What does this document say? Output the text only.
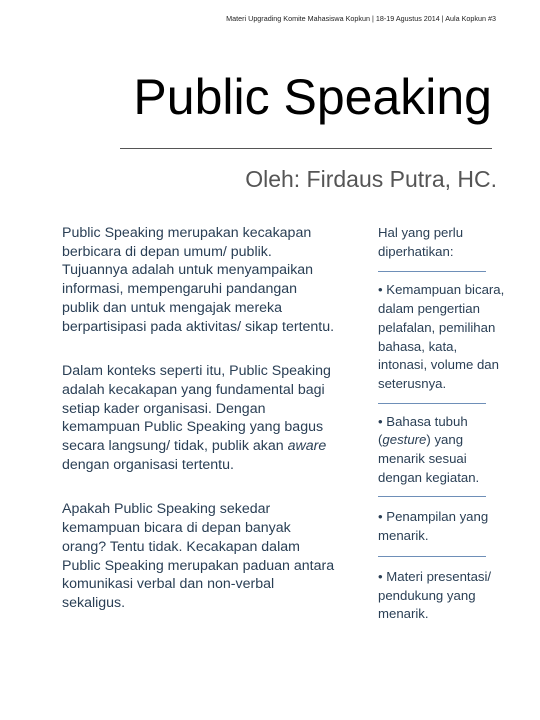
Materi Upgrading Komite Mahasiswa Kopkun | 18-19 Agustus 2014 | Aula Kopkun #3
Public Speaking
Oleh: Firdaus Putra, HC.

Public Speaking merupakan kecakapan berbicara di depan umum/ publik. Tujuannya adalah untuk menyampaikan informasi, mempengaruhi pandangan publik dan untuk mengajak mereka berpartisipasi pada aktivitas/ sikap tertentu.

Dalam konteks seperti itu, Public Speaking adalah kecakapan yang fundamental bagi setiap kader organisasi. Dengan kemampuan Public Speaking yang bagus secara langsung/ tidak, publik akan aware dengan organisasi tertentu.

Apakah Public Speaking sekedar kemampuan bicara di depan banyak orang? Tentu tidak. Kecakapan dalam Public Speaking merupakan paduan antara komunikasi verbal dan non-verbal sekaligus.

Hal yang perlu diperhatikan:
• Kemampuan bicara, dalam pengertian pelafalan, pemilihan bahasa, kata, intonasi, volume dan seterusnya.
• Bahasa tubuh (gesture) yang menarik sesuai dengan kegiatan.
• Penampilan yang menarik.
• Materi presentasi/ pendukung yang menarik.
